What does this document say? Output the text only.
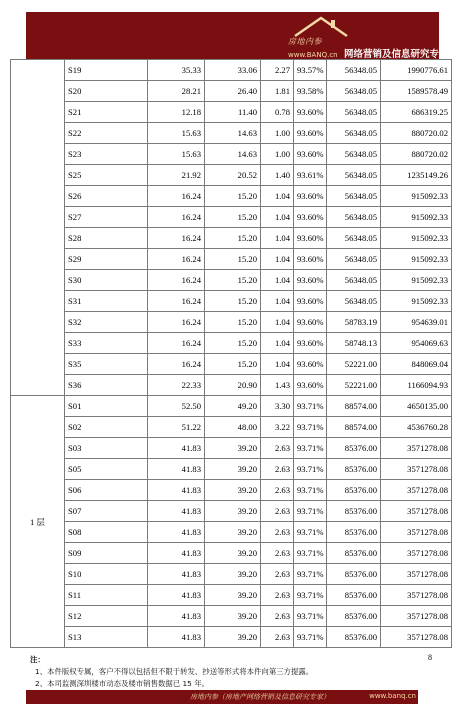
房地内参
www.BANQ.cn 网络营销及信息研究专家
	S19	35.33	33.06	2.27	93.57%	56348.05	1990776.61
	S20	28.21	26.40	1.81	93.58%	56348.05	1589578.49
	S21	12.18	11.40	0.78	93.60%	56348.05	686319.25
	S22	15.63	14.63	1.00	93.60%	56348.05	880720.02
	S23	15.63	14.63	1.00	93.60%	56348.05	880720.02
	S25	21.92	20.52	1.40	93.61%	56348.05	1235149.26
	S26	16.24	15.20	1.04	93.60%	56348.05	915092.33
	S27	16.24	15.20	1.04	93.60%	56348.05	915092.33
	S28	16.24	15.20	1.04	93.60%	56348.05	915092.33
	S29	16.24	15.20	1.04	93.60%	56348.05	915092.33
	S30	16.24	15.20	1.04	93.60%	56348.05	915092.33
	S31	16.24	15.20	1.04	93.60%	56348.05	915092.33
	S32	16.24	15.20	1.04	93.60%	58783.19	954639.01
	S33	16.24	15.20	1.04	93.60%	58748.13	954069.63
	S35	16.24	15.20	1.04	93.60%	52221.00	848069.04
	S36	22.33	20.90	1.43	93.60%	52221.00	1166094.93
1 层	S01	52.50	49.20	3.30	93.71%	88574.00	4650135.00
	S02	51.22	48.00	3.22	93.71%	88574.00	4536760.28
	S03	41.83	39.20	2.63	93.71%	85376.00	3571278.08
	S05	41.83	39.20	2.63	93.71%	85376.00	3571278.08
	S06	41.83	39.20	2.63	93.71%	85376.00	3571278.08
	S07	41.83	39.20	2.63	93.71%	85376.00	3571278.08
	S08	41.83	39.20	2.63	93.71%	85376.00	3571278.08
	S09	41.83	39.20	2.63	93.71%	85376.00	3571278.08
	S10	41.83	39.20	2.63	93.71%	85376.00	3571278.08
	S11	41.83	39.20	2.63	93.71%	85376.00	3571278.08
	S12	41.83	39.20	2.63	93.71%	85376.00	3571278.08
	S13	41.83	39.20	2.63	93.71%	85376.00	3571278.08
注：
1、本件版权专属，客户不得以包括但不限于转发、抄送等形式将本件向第三方提露。
2、本司监测深圳楼市动态及楼市销售数据已 15 年。
8
房地内参（房地产网络营销及信息研究专家）	www.banq.cn
